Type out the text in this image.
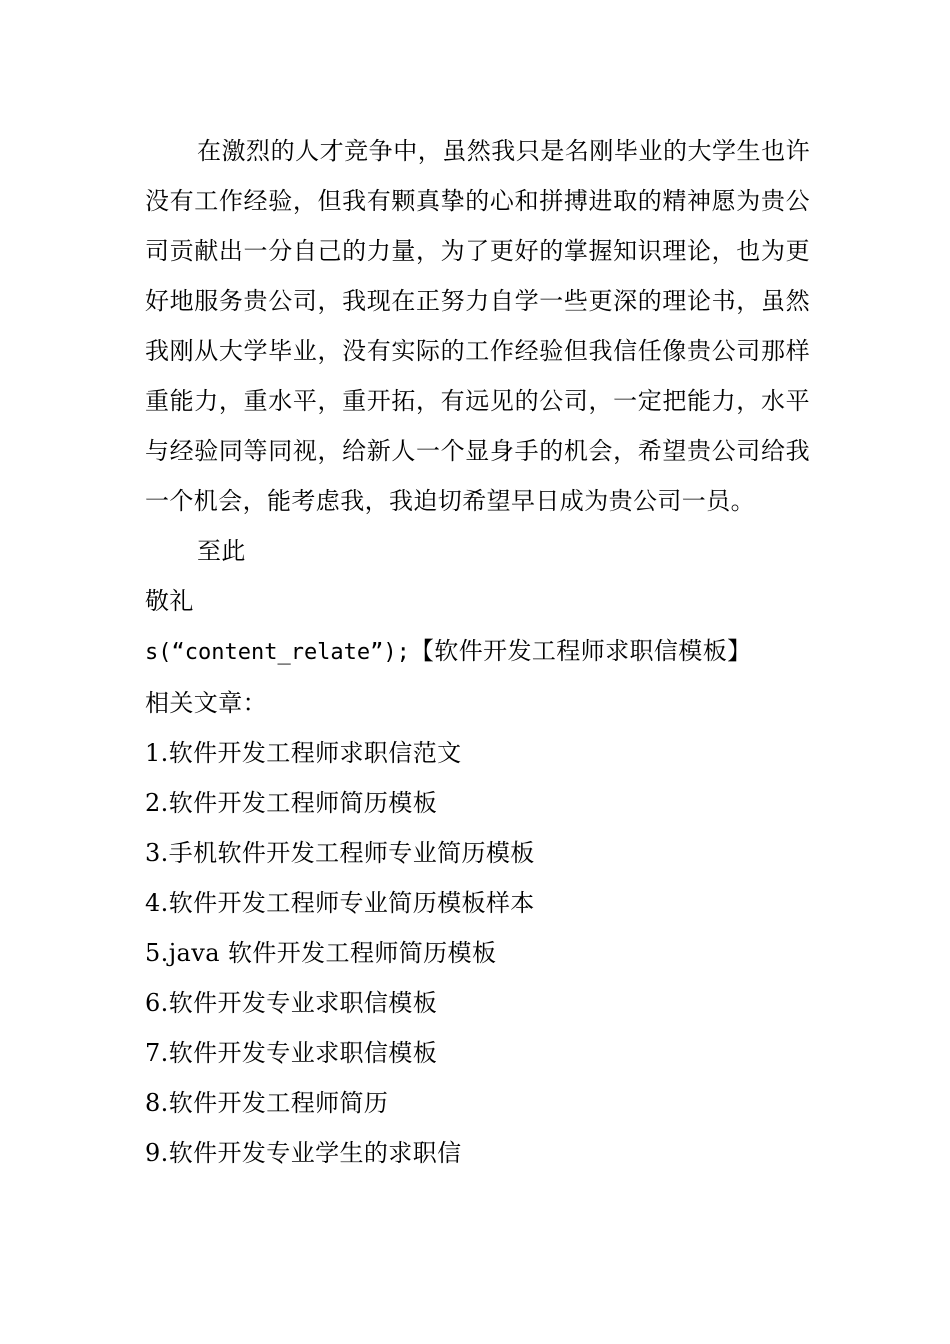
在激烈的人才竞争中，虽然我只是名刚毕业的大学生也许没有工作经验，但我有颗真挚的心和拼搏进取的精神愿为贵公司贡献出一分自己的力量，为了更好的掌握知识理论，也为更好地服务贵公司，我现在正努力自学一些更深的理论书，虽然我刚从大学毕业，没有实际的工作经验但我信任像贵公司那样重能力，重水平，重开拓，有远见的公司，一定把能力，水平与经验同等同视，给新人一个显身手的机会，希望贵公司给我一个机会，能考虑我，我迫切希望早日成为贵公司一员。

至此

敬礼

s(“content_relate”);【软件开发工程师求职信模板】

相关文章：

1.软件开发工程师求职信范文
2.软件开发工程师简历模板
3.手机软件开发工程师专业简历模板
4.软件开发工程师专业简历模板样本
5.java 软件开发工程师简历模板
6.软件开发专业求职信模板
7.软件开发专业求职信模板
8.软件开发工程师简历
9.软件开发专业学生的求职信
